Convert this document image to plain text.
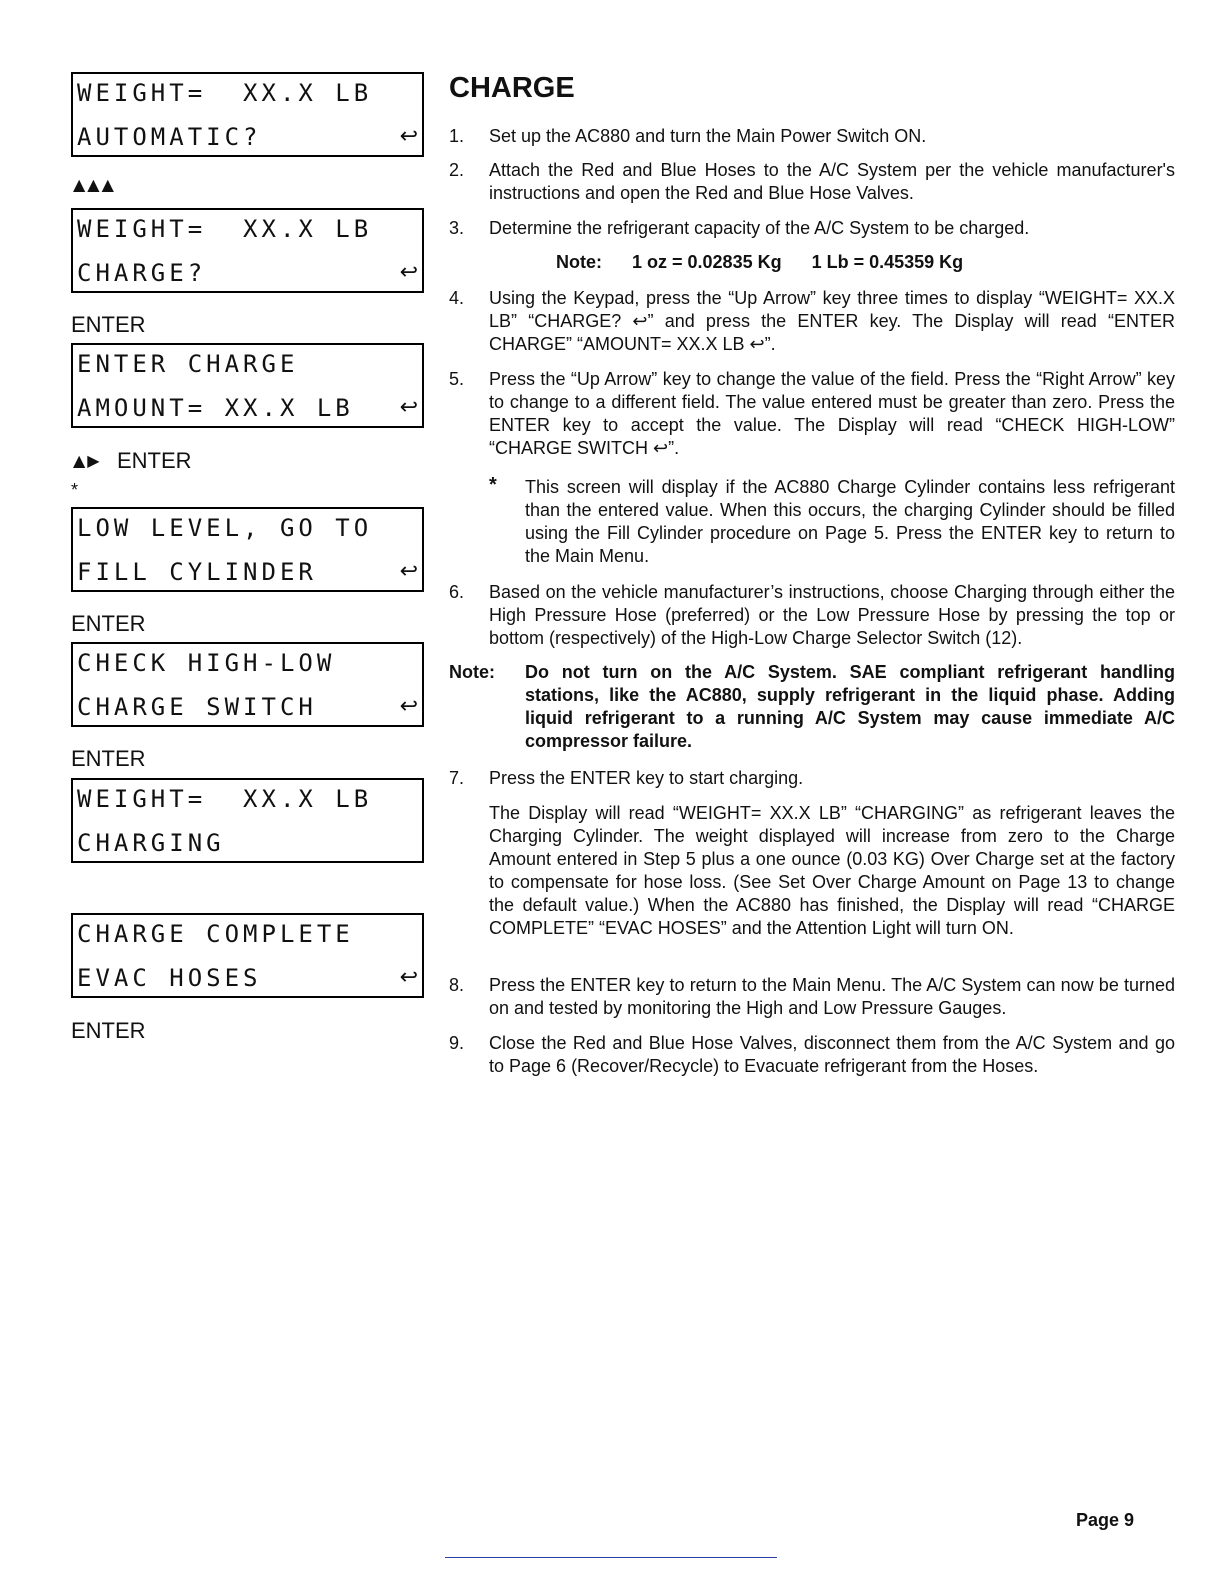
WEIGHT=  XX.X LB
AUTOMATIC?	↩
▲▲▲
WEIGHT=  XX.X LB
CHARGE?	↩
ENTER
ENTER CHARGE
AMOUNT= XX.X LB	↩
▲▶ ENTER
*
LOW LEVEL, GO TO
FILL CYLINDER	↩
ENTER
CHECK HIGH-LOW
CHARGE SWITCH	↩
ENTER
WEIGHT=  XX.X LB
CHARGING
CHARGE COMPLETE
EVAC HOSES	↩
ENTER
CHARGE
1. Set up the AC880 and turn the Main Power Switch ON.
2. Attach the Red and Blue Hoses to the A/C System per the vehicle manufacturer's instructions and open the Red and Blue Hose Valves.
3. Determine the refrigerant capacity of the A/C System to be charged.
Note:      1 oz = 0.02835 Kg      1 Lb = 0.45359 Kg
4. Using the Keypad, press the “Up Arrow” key three times to display “WEIGHT= XX.X LB” “CHARGE? ↩” and press the ENTER key. The Display will read “ENTER CHARGE” “AMOUNT= XX.X LB ↩”.
5. Press the “Up Arrow” key to change the value of the field. Press the “Right Arrow” key to change to a different field. The value entered must be greater than zero. Press the ENTER key to accept the value. The Display will read “CHECK HIGH-LOW” “CHARGE SWITCH ↩”.
* This screen will display if the AC880 Charge Cylinder contains less refrigerant than the entered value. When this occurs, the charging Cylinder should be filled using the Fill Cylinder procedure on Page 5. Press the ENTER key to return to the Main Menu.
6. Based on the vehicle manufacturer’s instructions, choose Charging through either the High Pressure Hose (preferred) or the Low Pressure Hose by pressing the top or bottom (respectively) of the High-Low Charge Selector Switch (12).
Note: Do not turn on the A/C System. SAE compliant refrigerant handling stations, like the AC880, supply refrigerant in the liquid phase. Adding liquid refrigerant to a running A/C System may cause immediate A/C compressor failure.
7. Press the ENTER key to start charging.
The Display will read “WEIGHT= XX.X LB” “CHARGING” as refrigerant leaves the Charging Cylinder. The weight displayed will increase from zero to the Charge Amount entered in Step 5 plus a one ounce (0.03 KG) Over Charge set at the factory to compensate for hose loss. (See Set Over Charge Amount on Page 13 to change the default value.) When the AC880 has finished, the Display will read “CHARGE COMPLETE” “EVAC HOSES” and the Attention Light will turn ON.
8. Press the ENTER key to return to the Main Menu. The A/C System can now be turned on and tested by monitoring the High and Low Pressure Gauges.
9. Close the Red and Blue Hose Valves, disconnect them from the A/C System and go to Page 6 (Recover/Recycle) to Evacuate refrigerant from the Hoses.
Page 9
